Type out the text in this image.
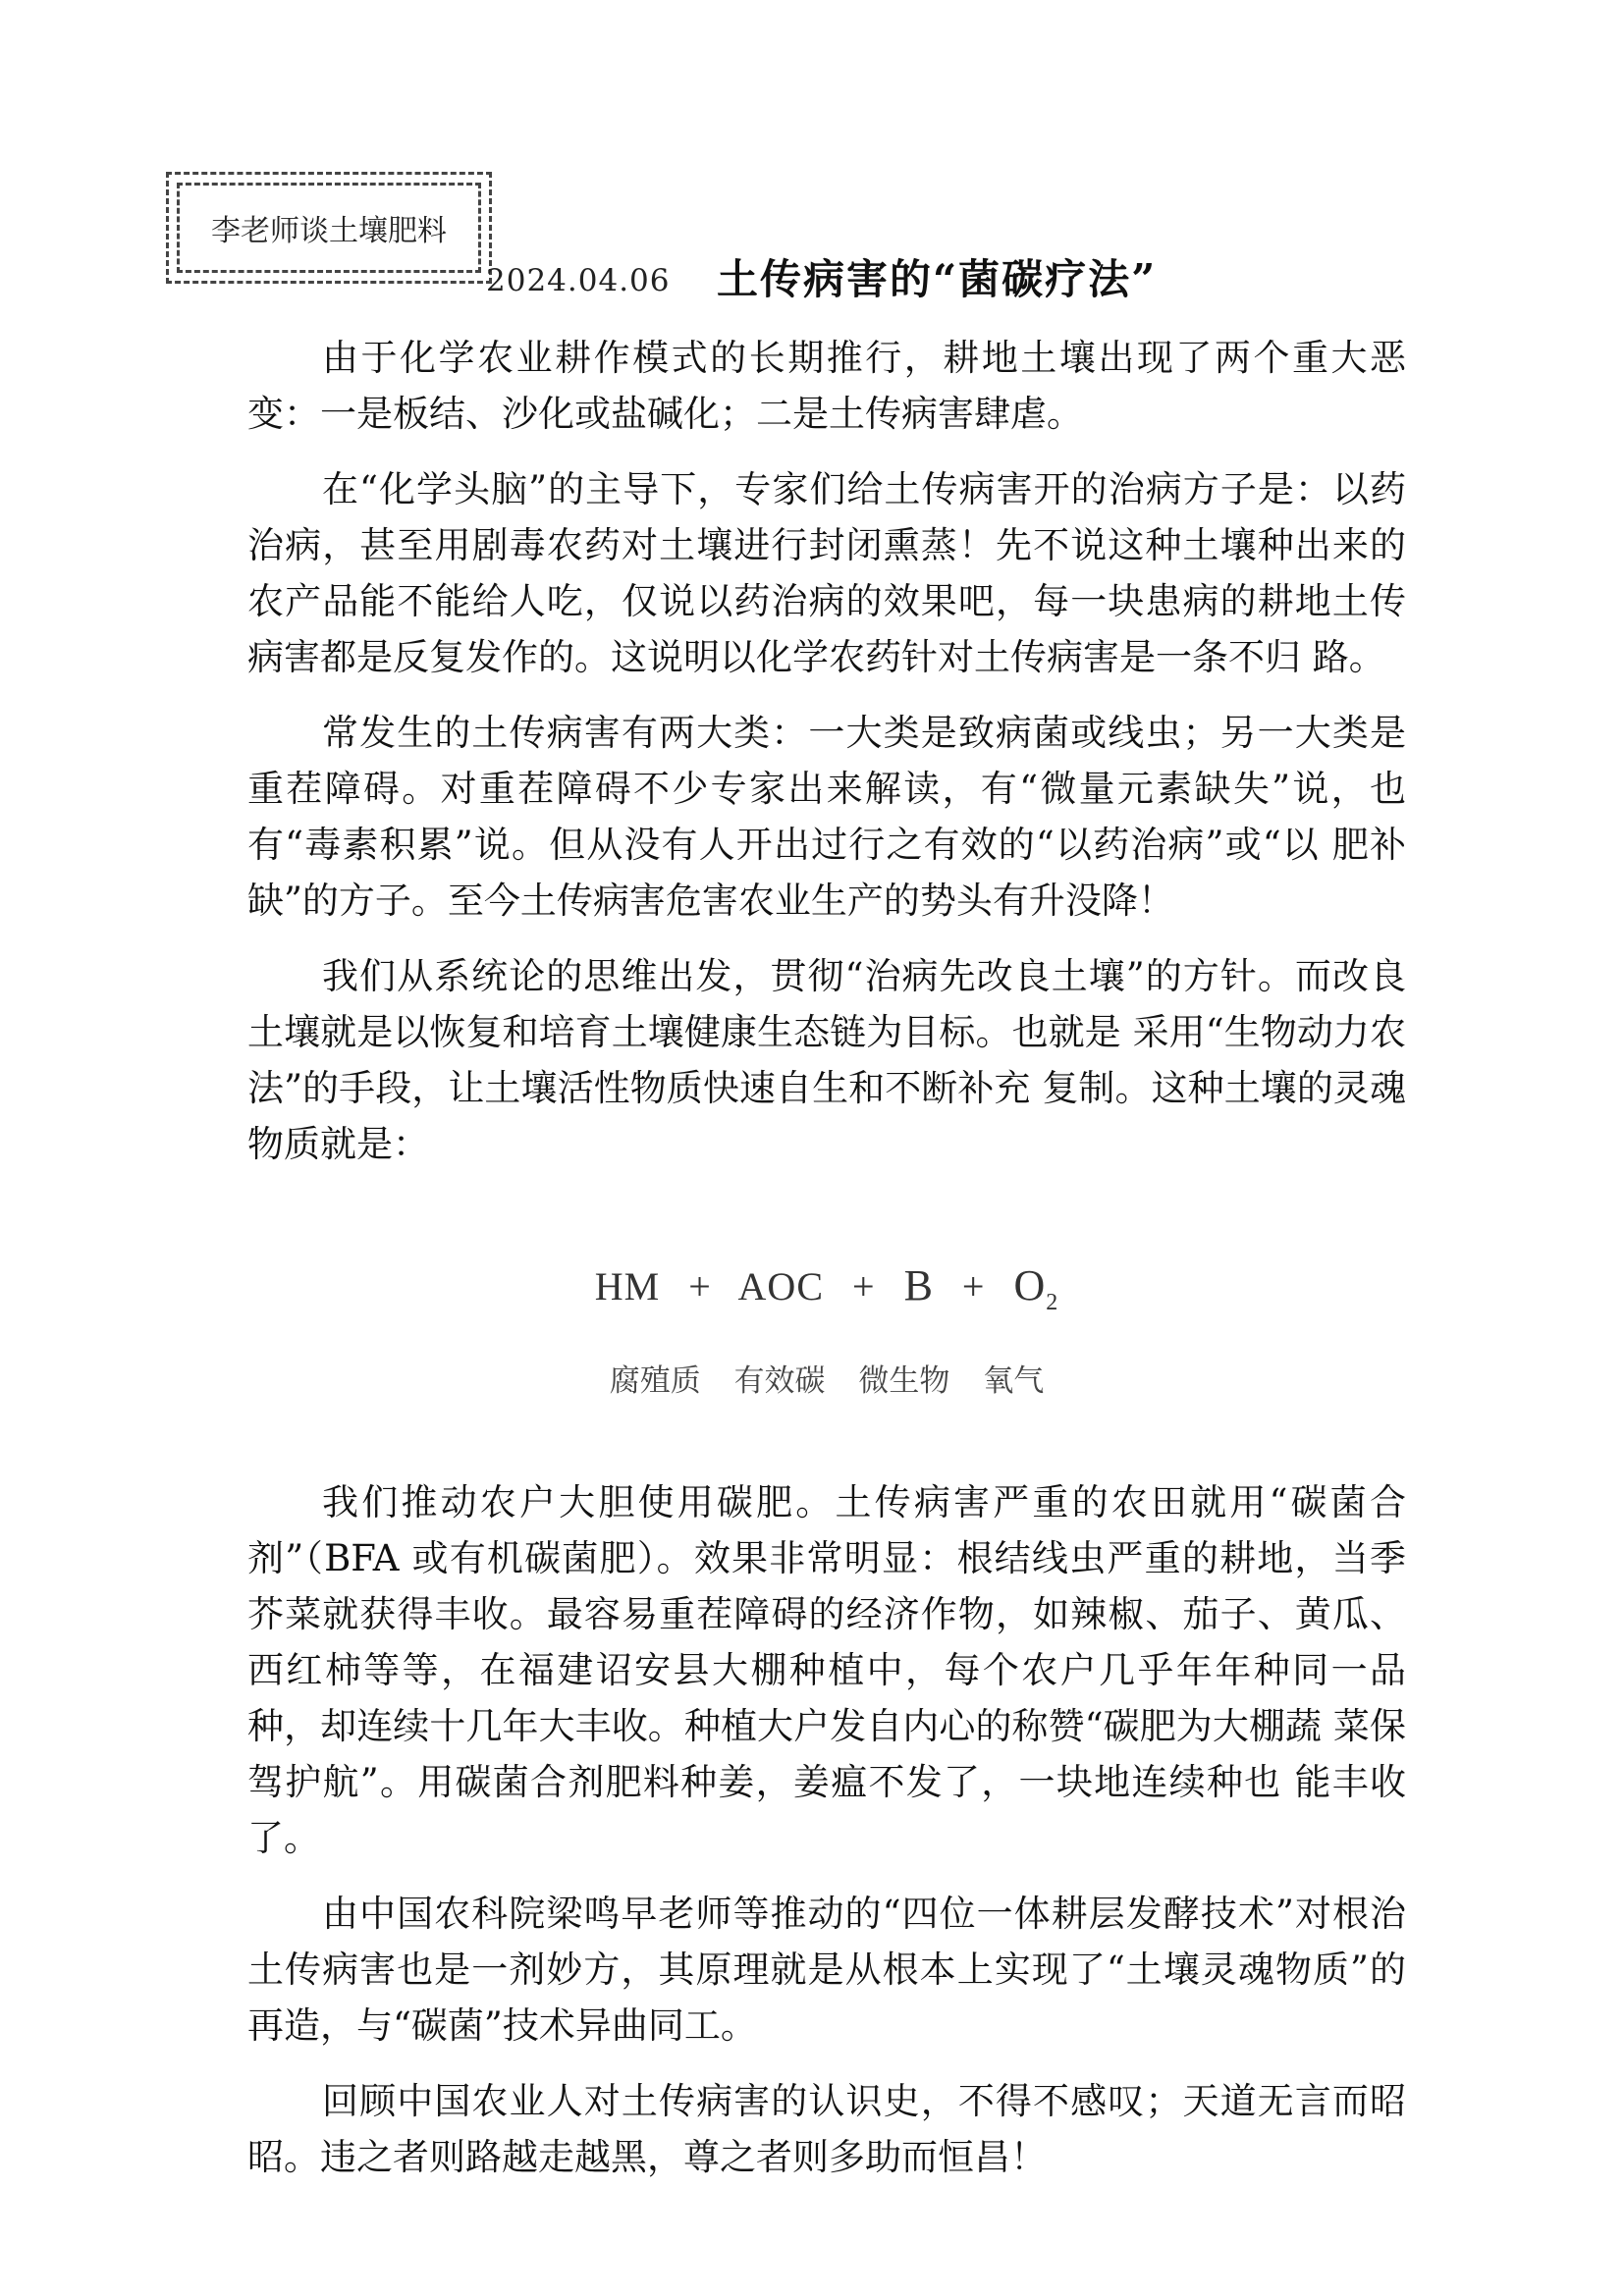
李老师谈土壤肥料
2024.04.06 土传病害的“菌碳疗法”

由于化学农业耕作模式的长期推行，耕地土壤出现了两个重大恶变：一是板结、沙化或盐碱化；二是土传病害肆虐。

在“化学头脑”的主导下，专家们给土传病害开的治病方子是：以药治病，甚至用剧毒农药对土壤进行封闭熏蒸！先不说这种土壤种出来的农产品能不能给人吃，仅说以药治病的效果吧，每一块患病的耕地土传病害都是反复发作的。这说明以化学农药针对土传病害是一条不归 路。

常发生的土传病害有两大类：一大类是致病菌或线虫；另一大类是重茬障碍。对重茬障碍不少专家出来解读，有“微量元素缺失”说，也有“毒素积累”说。但从没有人开出过行之有效的“以药治病”或“以 肥补缺”的方子。至今土传病害危害农业生产的势头有升没降！

我们从系统论的思维出发，贯彻“治病先改良土壤”的方针。而改良土壤就是以恢复和培育土壤健康生态链为目标。也就是 采用“生物动力农法”的手段，让土壤活性物质快速自生和不断补充 复制。这种土壤的灵魂物质就是：

HM + AOC + $B + O_2$
腐殖质 有效碳 微生物 氧气

我们推动农户大胆使用碳肥。土传病害严重的农田就用“碳菌合剂”（BFA 或有机碳菌肥）。效果非常明显：根结线虫严重的耕地，当季芥菜就获得丰收。最容易重茬障碍的经济作物，如辣椒、茄子、黄瓜、 西红柿等等，在福建诏安县大棚种植中，每个农户几乎年年种同一品 种，却连续十几年大丰收。种植大户发自内心的称赞“碳肥为大棚蔬 菜保驾护航”。用碳菌合剂肥料种姜，姜瘟不发了，一块地连续种也 能丰收了。

由中国农科院梁鸣早老师等推动的“四位一体耕层发酵技术”对根治土传病害也是一剂妙方，其原理就是从根本上实现了“土壤灵魂物质”的再造，与“碳菌”技术异曲同工。

回顾中国农业人对土传病害的认识史，不得不感叹；天道无言而昭昭。违之者则路越走越黑，尊之者则多助而恒昌！
